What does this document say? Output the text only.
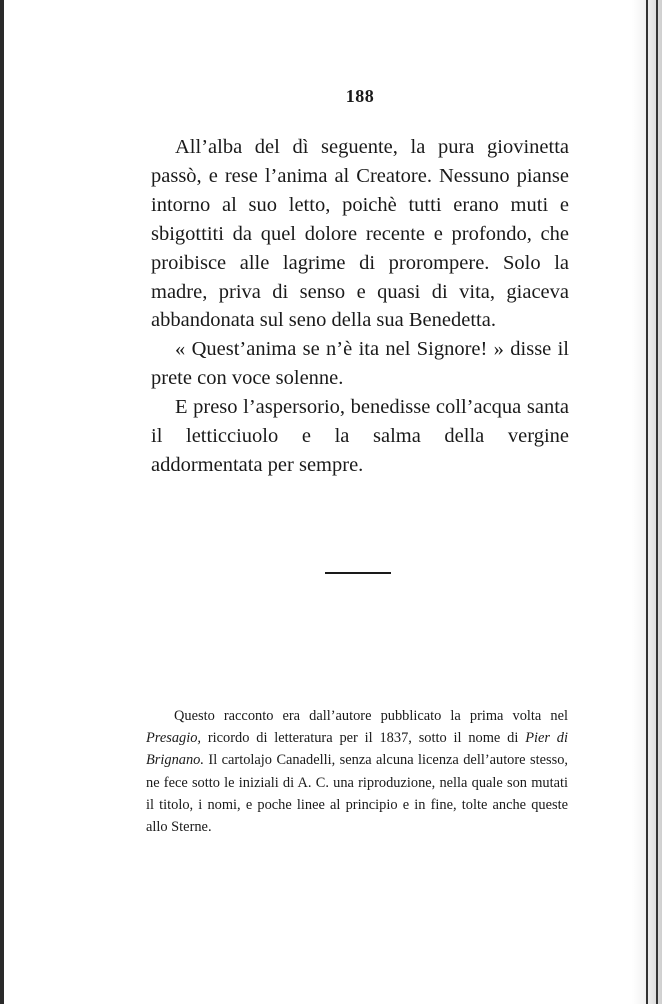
188

All’alba del dì seguente, la pura giovinetta passò, e rese l’anima al Creatore. Nessuno pianse intorno al suo letto, poichè tutti erano muti e sbigottiti da quel dolore recente e profondo, che proibisce alle lagrime di prorompere. Solo la madre, priva di senso e quasi di vita, giaceva abbandonata sul seno della sua Benedetta.

« Quest’anima se n’è ita nel Signore! » disse il prete con voce solenne.

E preso l’aspersorio, benedisse coll’acqua santa il letticciuolo e la salma della vergine addormentata per sempre.

Questo racconto era dall’autore pubblicato la prima volta nel Presagio, ricordo di letteratura per il 1837, sotto il nome di Pier di Brignano. Il cartolajo Canadelli, senza alcuna licenza dell’autore stesso, ne fece sotto le iniziali di A. C. una riproduzione, nella quale son mutati il titolo, i nomi, e poche linee al principio e in fine, tolte anche queste allo Sterne.
